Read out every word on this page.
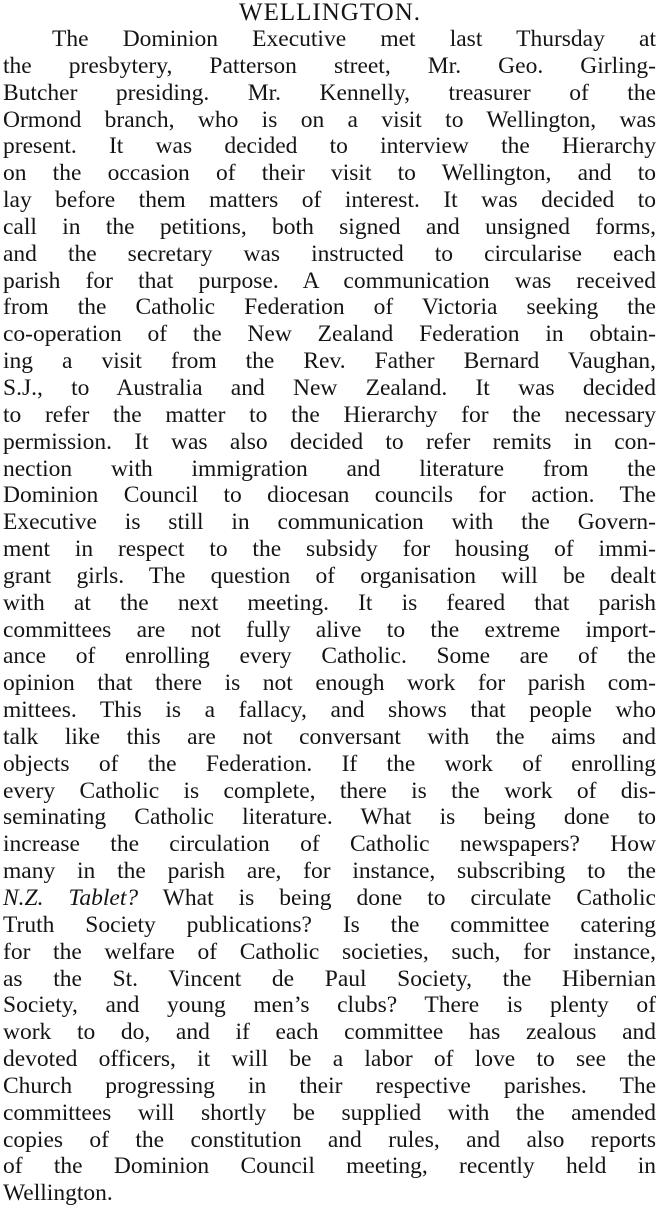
WELLINGTON.
The Dominion Executive met last Thursday at
the presbytery, Patterson street, Mr. Geo. Girling-
Butcher presiding. Mr. Kennelly, treasurer of the
Ormond branch, who is on a visit to Wellington, was
present. It was decided to interview the Hierarchy
on the occasion of their visit to Wellington, and to
lay before them matters of interest. It was decided to
call in the petitions, both signed and unsigned forms,
and the secretary was instructed to circularise each
parish for that purpose. A communication was received
from the Catholic Federation of Victoria seeking the
co-operation of the New Zealand Federation in obtain-
ing a visit from the Rev. Father Bernard Vaughan,
S.J., to Australia and New Zealand. It was decided
to refer the matter to the Hierarchy for the necessary
permission. It was also decided to refer remits in con-
nection with immigration and literature from the
Dominion Council to diocesan councils for action. The
Executive is still in communication with the Govern-
ment in respect to the subsidy for housing of immi-
grant girls. The question of organisation will be dealt
with at the next meeting. It is feared that parish
committees are not fully alive to the extreme import-
ance of enrolling every Catholic. Some are of the
opinion that there is not enough work for parish com-
mittees. This is a fallacy, and shows that people who
talk like this are not conversant with the aims and
objects of the Federation. If the work of enrolling
every Catholic is complete, there is the work of dis-
seminating Catholic literature. What is being done to
increase the circulation of Catholic newspapers? How
many in the parish are, for instance, subscribing to the
N.Z. Tablet? What is being done to circulate Catholic
Truth Society publications? Is the committee catering
for the welfare of Catholic societies, such, for instance,
as the St. Vincent de Paul Society, the Hibernian
Society, and young men’s clubs? There is plenty of
work to do, and if each committee has zealous and
devoted officers, it will be a labor of love to see the
Church progressing in their respective parishes. The
committees will shortly be supplied with the amended
copies of the constitution and rules, and also reports
of the Dominion Council meeting, recently held in
Wellington.
